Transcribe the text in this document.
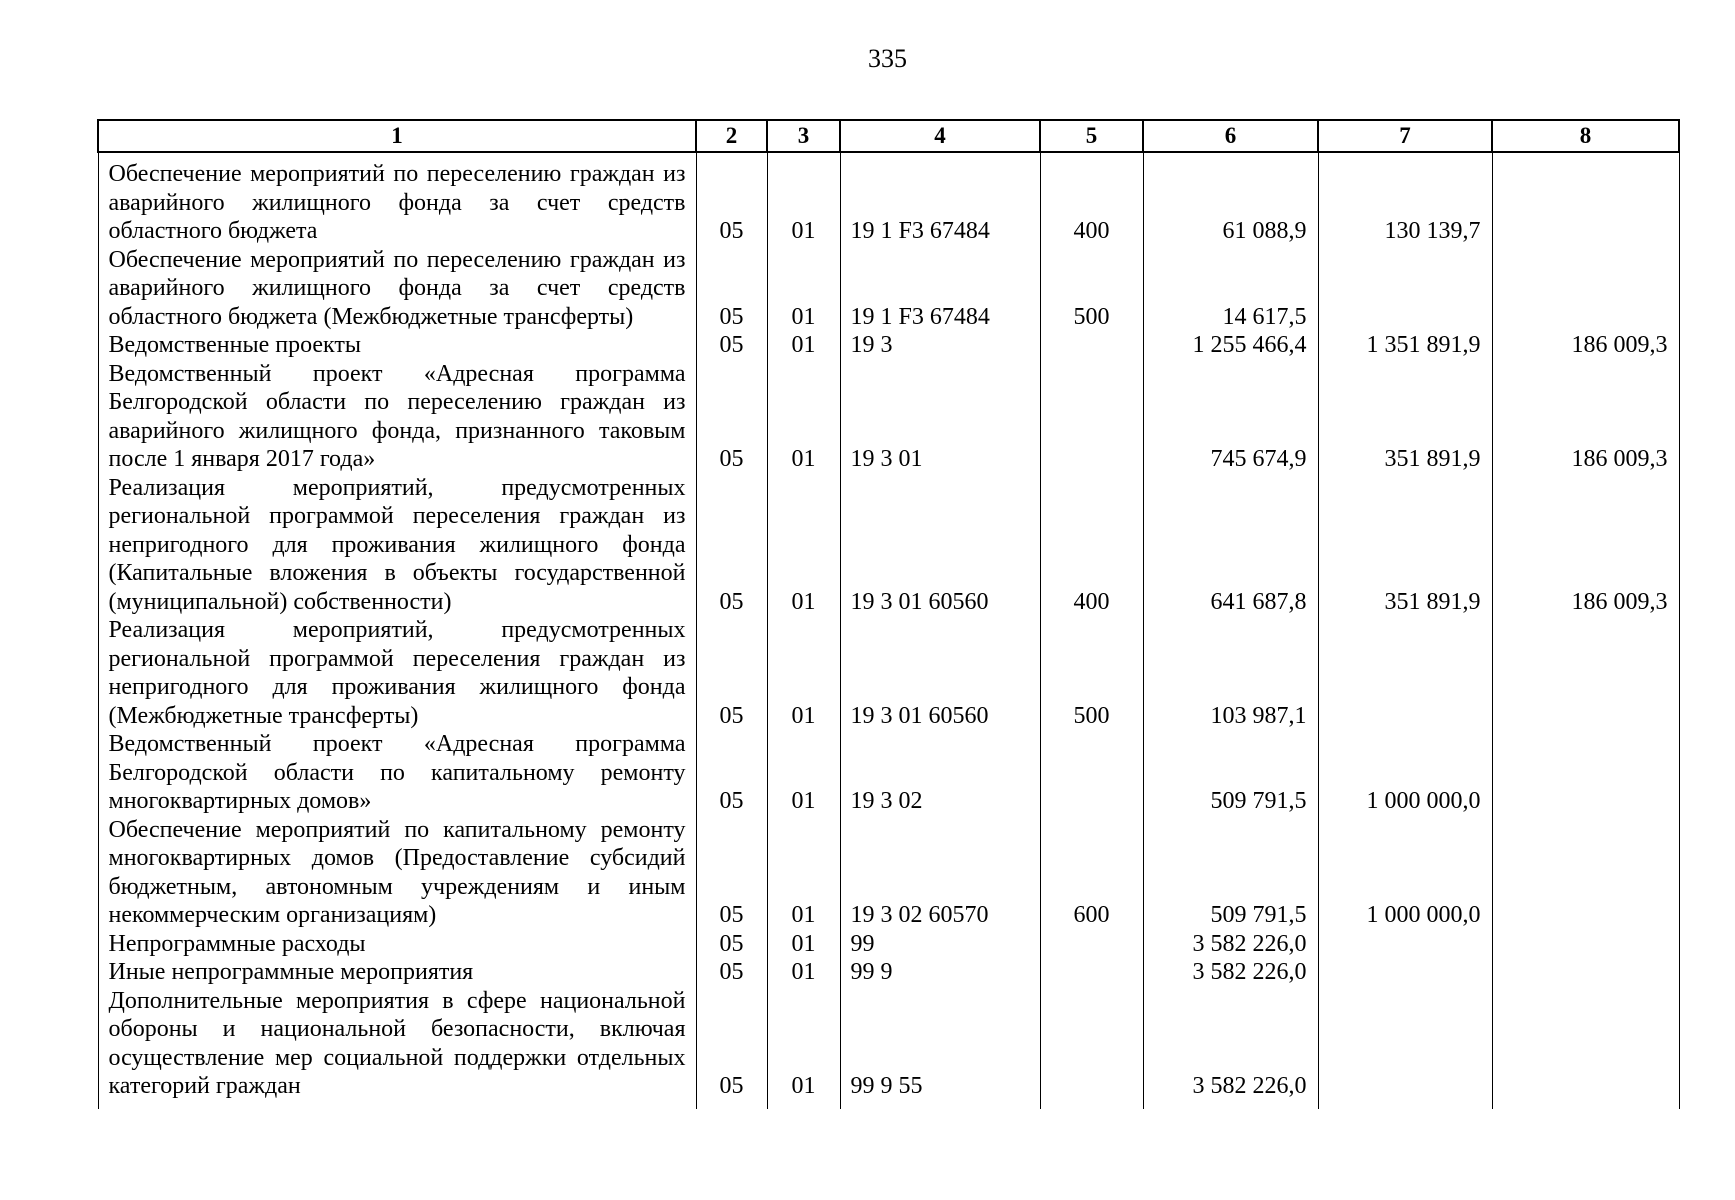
335
1	2	3	4	5	6	7	8
Обеспечение мероприятий по переселению граждан из аварийного жилищного фонда за счет средств областного бюджета	05	01	19 1 F3 67484	400	61 088,9	130 139,7	
Обеспечение мероприятий по переселению граждан из аварийного жилищного фонда за счет средств областного бюджета (Межбюджетные трансферты)	05	01	19 1 F3 67484	500	14 617,5		
Ведомственные проекты	05	01	19 3		1 255 466,4	1 351 891,9	186 009,3
Ведомственный проект «Адресная программа Белгородской области по переселению граждан из аварийного жилищного фонда, признанного таковым после 1 января 2017 года»	05	01	19 3 01		745 674,9	351 891,9	186 009,3
Реализация мероприятий, предусмотренных региональной программой переселения граждан из непригодного для проживания жилищного фонда (Капитальные вложения в объекты государственной (муниципальной) собственности)	05	01	19 3 01 60560	400	641 687,8	351 891,9	186 009,3
Реализация мероприятий, предусмотренных региональной программой переселения граждан из непригодного для проживания жилищного фонда (Межбюджетные трансферты)	05	01	19 3 01 60560	500	103 987,1		
Ведомственный проект «Адресная программа Белгородской области по капитальному ремонту многоквартирных домов»	05	01	19 3 02		509 791,5	1 000 000,0	
Обеспечение мероприятий по капитальному ремонту многоквартирных домов (Предоставление субсидий бюджетным, автономным учреждениям и иным некоммерческим организациям)	05	01	19 3 02 60570	600	509 791,5	1 000 000,0	
Непрограммные расходы	05	01	99		3 582 226,0		
Иные непрограммные мероприятия	05	01	99 9		3 582 226,0		
Дополнительные мероприятия в сфере национальной обороны и национальной безопасности, включая осуществление мер социальной поддержки отдельных категорий граждан	05	01	99 9 55		3 582 226,0		
